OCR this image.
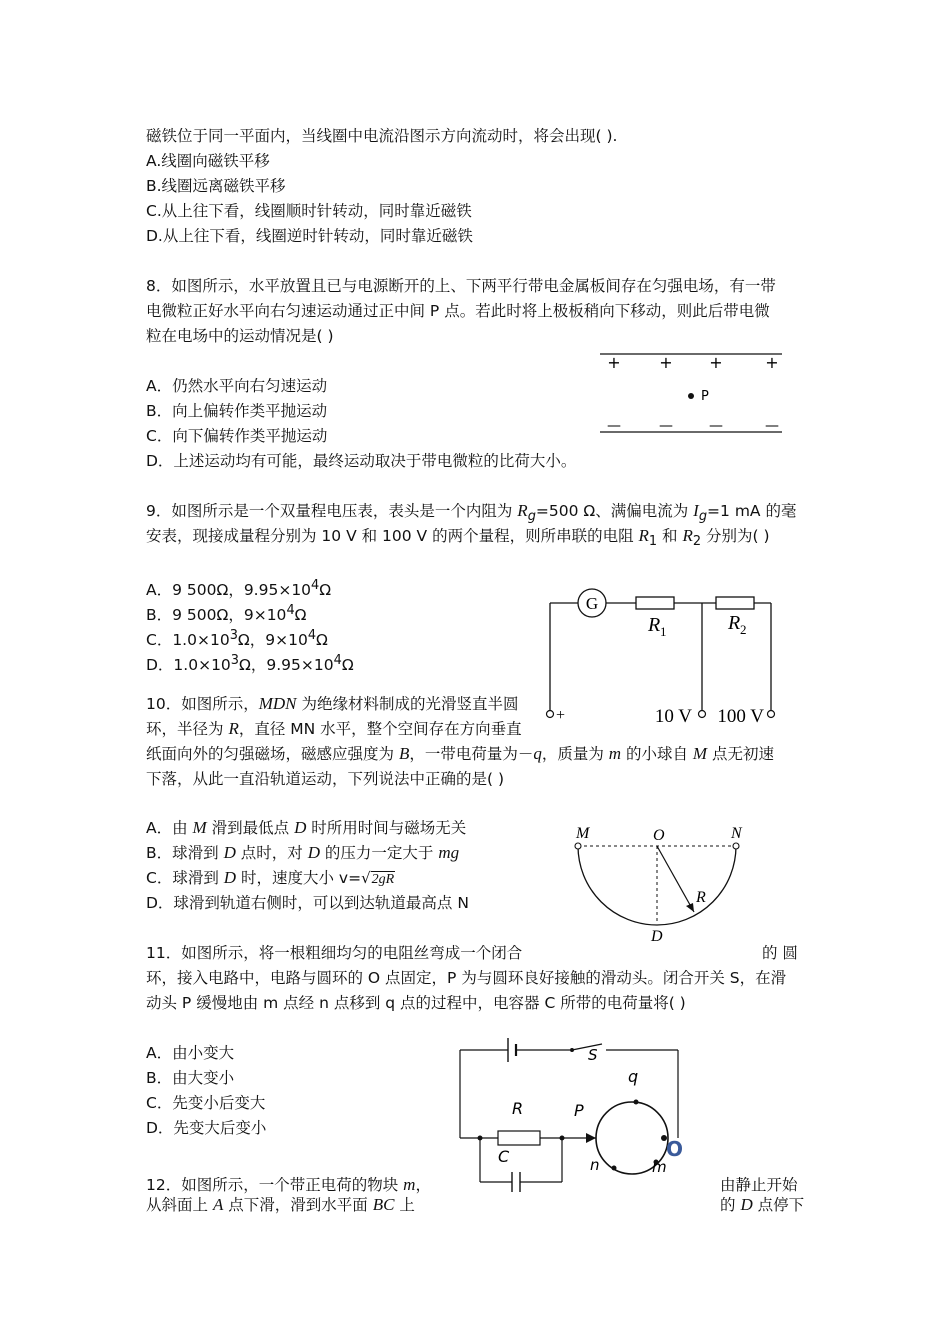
磁铁位于同一平面内，当线圈中电流沿图示方向流动时，将会出现( ).
A.线圈向磁铁平移
B.线圈远离磁铁平移
C.从上往下看，线圈顺时针转动，同时靠近磁铁
D.从上往下看，线圈逆时针转动，同时靠近磁铁
8．如图所示，水平放置且已与电源断开的上、下两平行带电金属板间存在匀强电场，有一带
电微粒正好水平向右匀速运动通过正中间 P 点。若此时将上极板稍向下移动，则此后带电微
粒在电场中的运动情况是( )
A．仍然水平向右匀速运动
B．向上偏转作类平抛运动
C．向下偏转作类平抛运动
D．上述运动均有可能，最终运动取决于带电微粒的比荷大小。
+ + +	+
P
—	—	—	—
9．如图所示是一个双量程电压表，表头是一个内阻为 $R_g=500$ Ω、满偏电流为 $I_g=1$ mA 的毫
安表，现接成量程分别为 10 V 和 100 V 的两个量程，则所串联的电阻 $R_1$ 和 $R_2$ 分别为( )
A．9 500Ω，$9.95\times 10^4\Omega$
B．9 500Ω，$9\times 10^4\Omega$
C．$1.0\times 10^3\Omega$，$9\times 10^4\Omega$
D．$1.0\times 10^3\Omega$，$9.95\times 10^4\Omega$
G
+
R 1	R 2
10 V 100 V
10．如图所示，MDN 为绝缘材料制成的光滑竖直半圆
环，半径为 R，直径 MN 水平，整个空间存在方向垂直
纸面向外的匀强磁场，磁感应强度为 B，一带电荷量为－q，质量为 m 的小球自 M 点无初速
下落，从此一直沿轨道运动，下列说法中正确的是( )
A．由 M 滑到最低点 D 时所用时间与磁场无关
B．球滑到 D 点时，对 D 的压力一定大于 mg
C．球滑到 D 时，速度大小 v=√2gR
D．球滑到轨道右侧时，可以到达轨道最高点 N
M	O	N
R
D
11．如图所示，将一根粗细均匀的电阻丝弯成一个闭合	的 圆
环，接入电路中，电路与圆环的 O 点固定，P 为与圆环良好接触的滑动头。闭合开关 S，在滑
动头 P 缓慢地由 m 点经 n 点移到 q 点的过程中，电容器 C 所带的电荷量将( )
A．由小变大
B．由大变小
C．先变小后变大
D．先变大后变小
S
q
R	P
C	n	m
O
12．如图所示，一个带正电荷的物块 m，	由静止开始
从斜面上 A 点下滑，滑到水平面 BC 上	的 D 点停下
